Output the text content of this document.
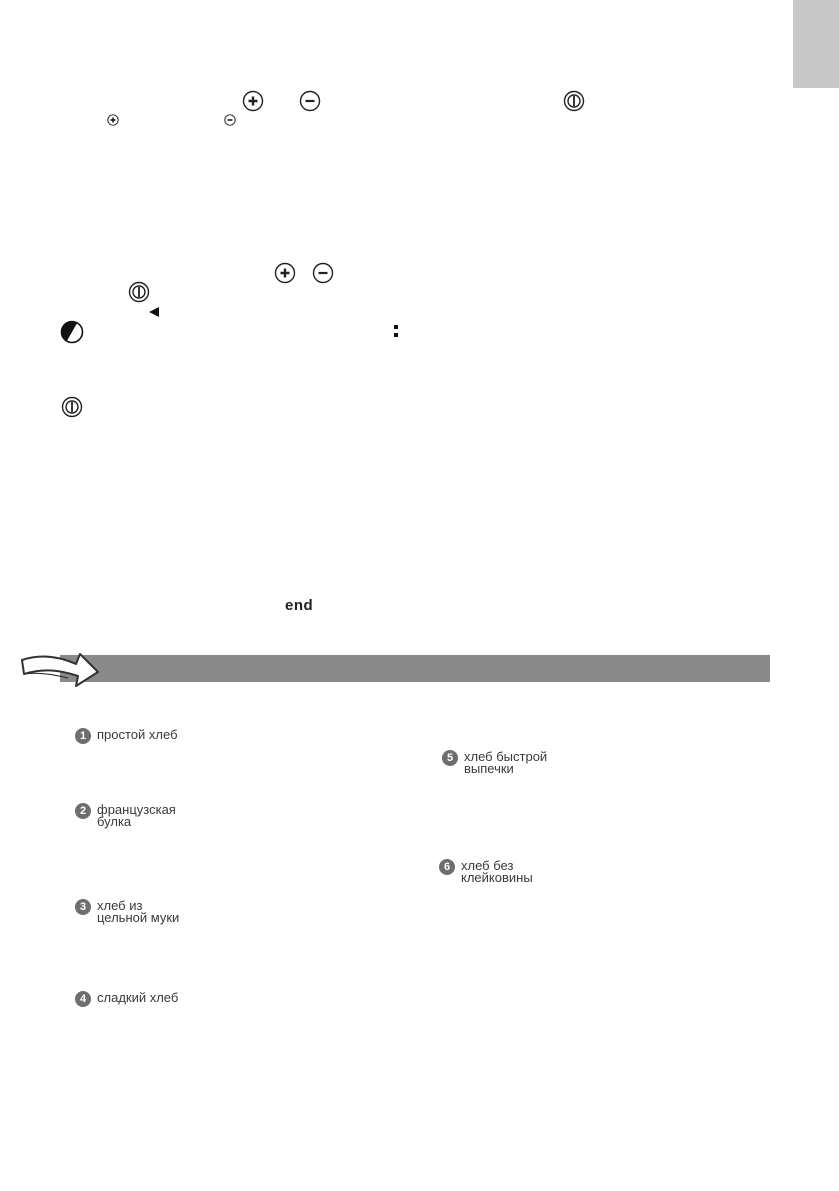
end
1 простой хлеб
2 французская
булка
3 хлеб из
цельной муки
4 сладкий хлеб
5 хлеб быстрой
выпечки
6 хлеб без
клейковины
